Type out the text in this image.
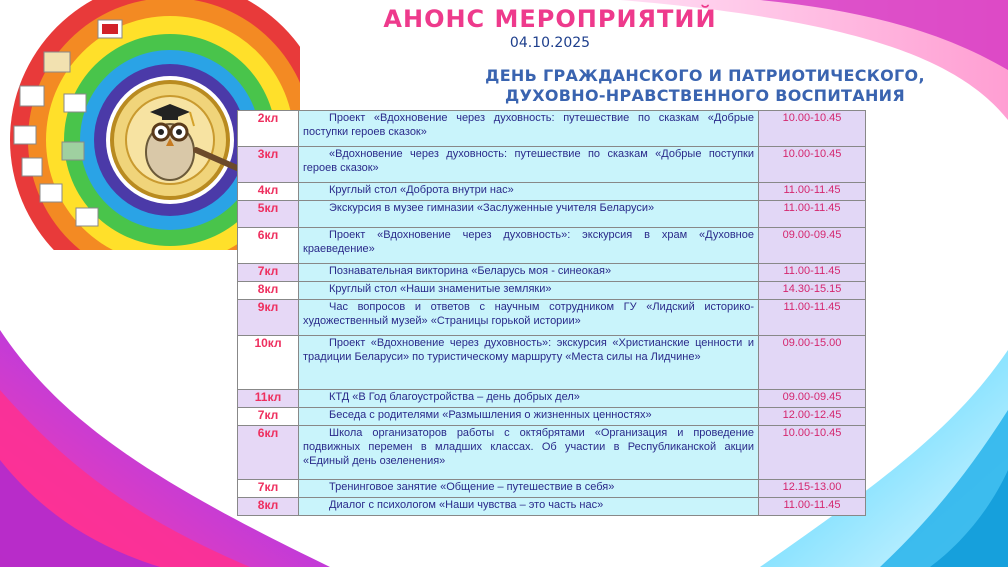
АНОНС МЕРОПРИЯТИЙ
04.10.2025
ДЕНЬ ГРАЖДАНСКОГО И ПАТРИОТИЧЕСКОГО,
ДУХОВНО-НРАВСТВЕННОГО ВОСПИТАНИЯ
2кл	Проект «Вдохновение через духовность: путешествие по сказкам «Добрые поступки героев сказок»	10.00-10.45
3кл	«Вдохновение через духовность: путешествие по сказкам «Добрые поступки героев сказок»	10.00-10.45
4кл	Круглый стол «Доброта внутри нас»	11.00-11.45
5кл	Экскурсия в музее гимназии «Заслуженные учителя Беларуси»	11.00-11.45
6кл	Проект «Вдохновение через духовность»: экскурсия в храм «Духовное краеведение»	09.00-09.45
7кл	Познавательная викторина «Беларусь моя - синеокая»	11.00-11.45
8кл	Круглый стол «Наши знаменитые земляки»	14.30-15.15
9кл	Час вопросов и ответов с научным сотрудником ГУ «Лидский историко-художественный музей» «Страницы горькой истории»	11.00-11.45
10кл	Проект «Вдохновение через духовность»: экскурсия «Христианские ценности и традиции Беларуси» по туристическому маршруту «Места силы на Лидчине»	09.00-15.00
11кл	КТД «В Год благоустройства – день добрых дел»	09.00-09.45
7кл	Беседа с родителями «Размышления о жизненных ценностях»	12.00-12.45
6кл	Школа организаторов работы с октябрятами «Организация и проведение подвижных перемен в младших классах. Об участии в Республиканской акции «Единый день озеленения»	10.00-10.45
7кл	Тренинговое занятие «Общение – путешествие в себя»	12.15-13.00
8кл	Диалог с психологом «Наши чувства – это часть нас»	11.00-11.45
